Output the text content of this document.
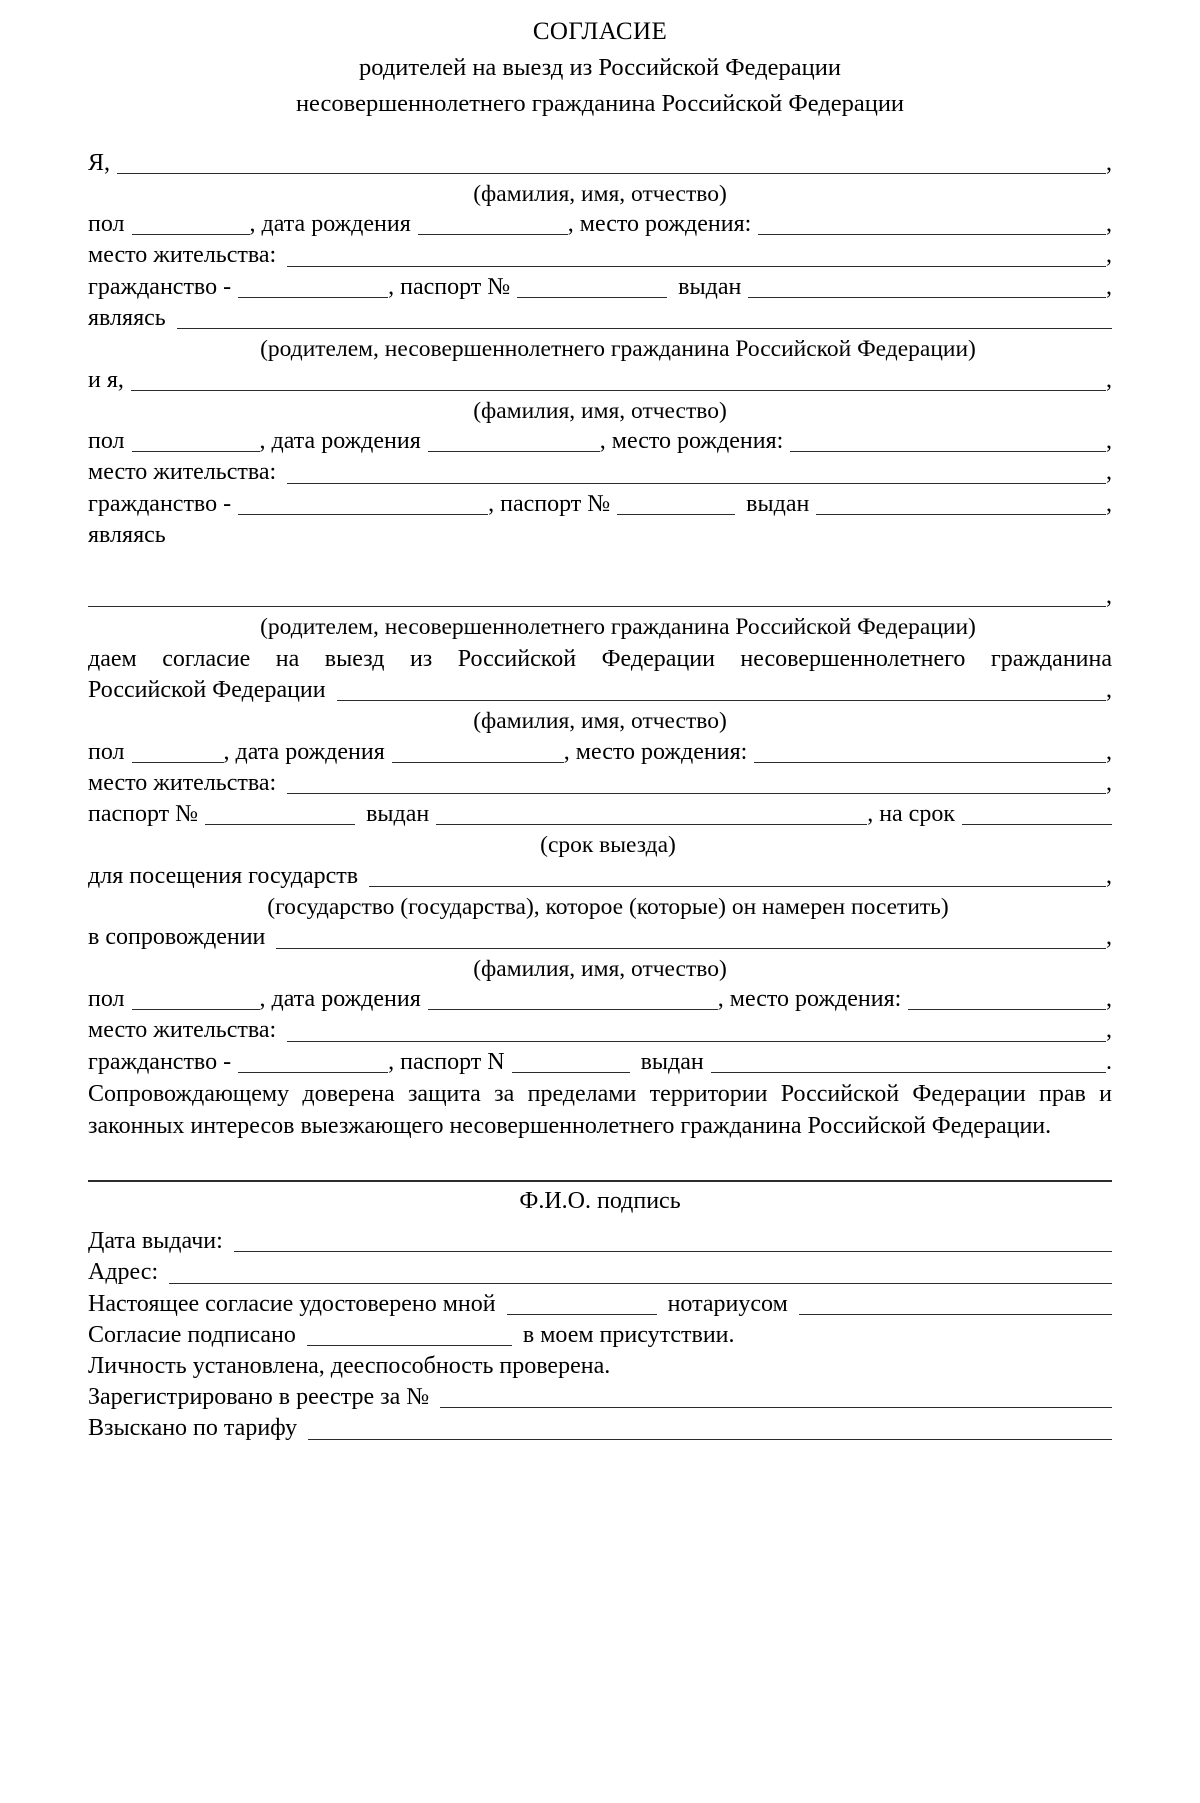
СОГЛАСИЕ
родителей на выезд из Российской Федерации
несовершеннолетнего гражданина Российской Федерации
Я,	,
(фамилия, имя, отчество)
пол	, дата рождения	, место рождения:	,
место жительства:	,
гражданство -	, паспорт №	выдан	,
являясь
(родителем, несовершеннолетнего гражданина Российской Федерации)
и я,	,
(фамилия, имя, отчество)
пол	, дата рождения	, место рождения:	,
место жительства:	,
гражданство -	, паспорт №	выдан	,
являясь
,
(родителем, несовершеннолетнего гражданина Российской Федерации)
даем согласие на выезд из Российской Федерации несовершеннолетнего гражданина
Российской Федерации	,
(фамилия, имя, отчество)
пол	, дата рождения	, место рождения:	,
место жительства:	,
паспорт №	выдан	, на срок
(срок выезда)
для посещения государств	,
(государство (государства), которое (которые) он намерен посетить)
в сопровождении	,
(фамилия, имя, отчество)
пол	, дата рождения	, место рождения:	,
место жительства:	,
гражданство -	, паспорт N	выдан	.
Сопровождающему доверена защита за пределами территории Российской Федерации прав и законных интересов выезжающего несовершеннолетнего гражданина Российской Федерации.
Ф.И.О. подпись
Дата выдачи:
Адрес:
Настоящее согласие удостоверено мной	нотариусом
Согласие подписано	в моем присутствии.
Личность установлена, дееспособность проверена.
Зарегистрировано в реестре за №
Взыскано по тарифу
